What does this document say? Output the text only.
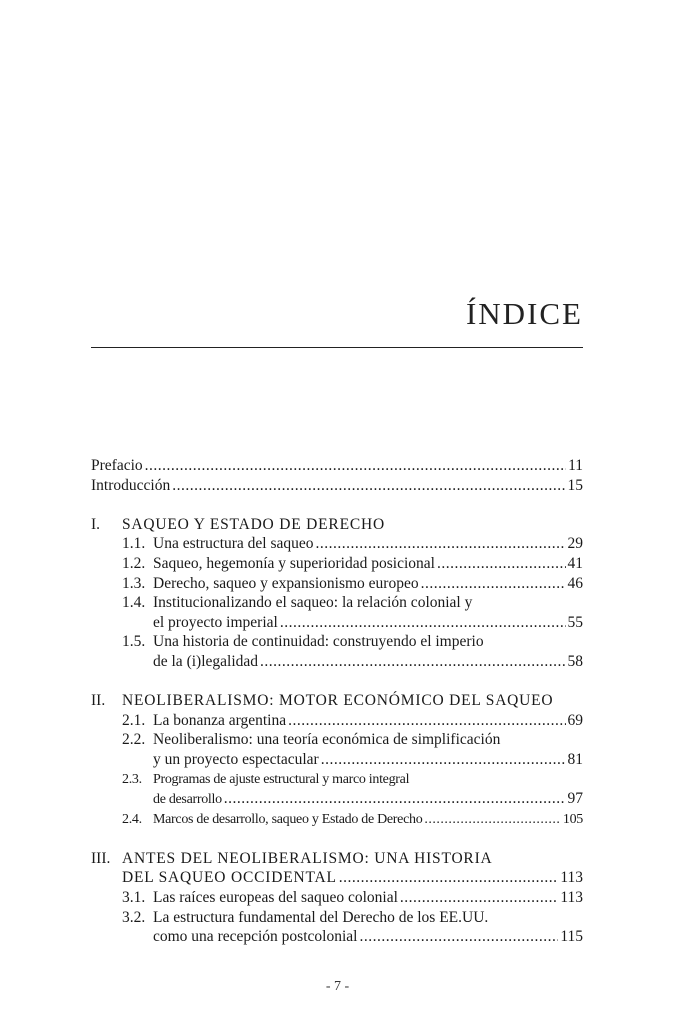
ÍNDICE
Prefacio .....	11
Introducción .....	15
I.	SAQUEO Y ESTADO DE DERECHO
1.1. Una estructura del saqueo .....	29
1.2. Saqueo, hegemonía y superioridad posicional .....	41
1.3. Derecho, saqueo y expansionismo europeo .....	46
1.4. Institucionalizando el saqueo: la relación colonial y
el proyecto imperial .....	55
1.5. Una historia de continuidad: construyendo el imperio
de la (i)legalidad .....	58
II.	NEOLIBERALISMO: MOTOR ECONÓMICO DEL SAQUEO
2.1. La bonanza argentina .....	69
2.2. Neoliberalismo: una teoría económica de simplificación
y un proyecto espectacular .....	81
2.3. Programas de ajuste estructural y marco integral
de desarrollo .....	97
2.4. Marcos de desarrollo, saqueo y Estado de Derecho .....	105
III. ANTES DEL NEOLIBERALISMO: UNA HISTORIA
DEL SAQUEO OCCIDENTAL .....	113
3.1. Las raíces europeas del saqueo colonial .....	113
3.2. La estructura fundamental del Derecho de los EE.UU.
como una recepción postcolonial .....	115
- 7 -
